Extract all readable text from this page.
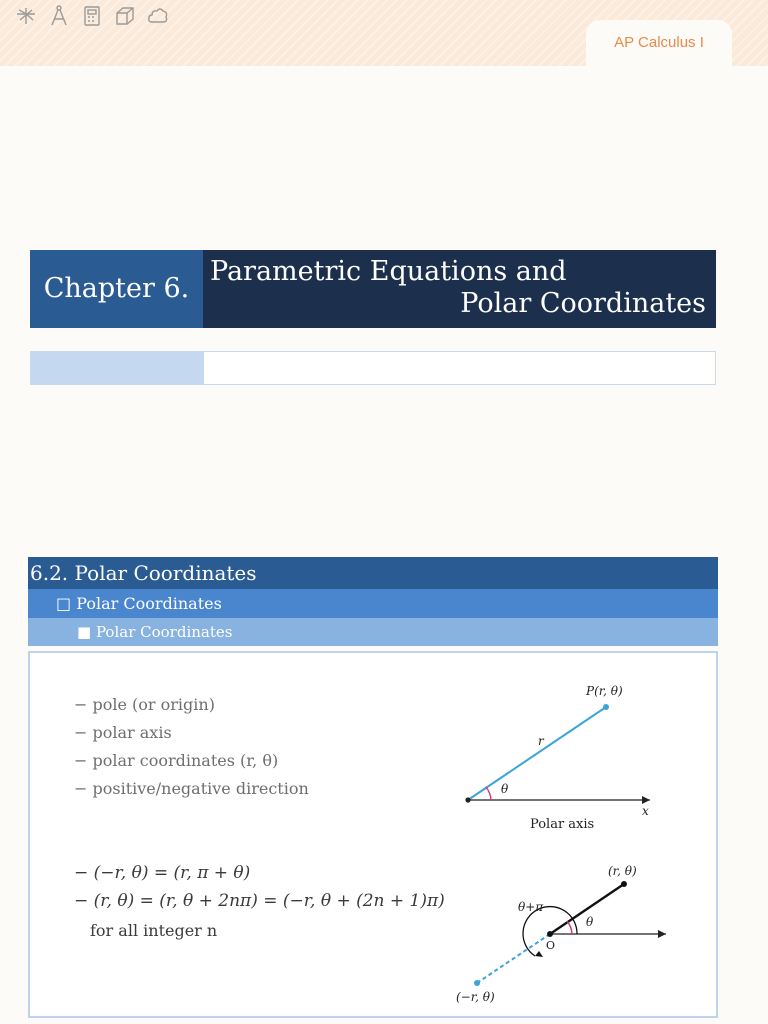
AP Calculus I
Chapter 6.
Parametric Equations and
Polar Coordinates
6.2. Polar Coordinates
□ Polar Coordinates
■ Polar Coordinates
− pole (or origin)
− polar axis
− polar coordinates (r, θ)
− positive/negative direction
− (−r, θ) = (r, π + θ)
− (r, θ) = (r, θ + 2nπ) = (−r, θ + (2n + 1)π)
for all integer n
P(r, θ)
r
θ
x
Polar axis
(r, θ)
(−r, θ)
θ
θ+π
O
